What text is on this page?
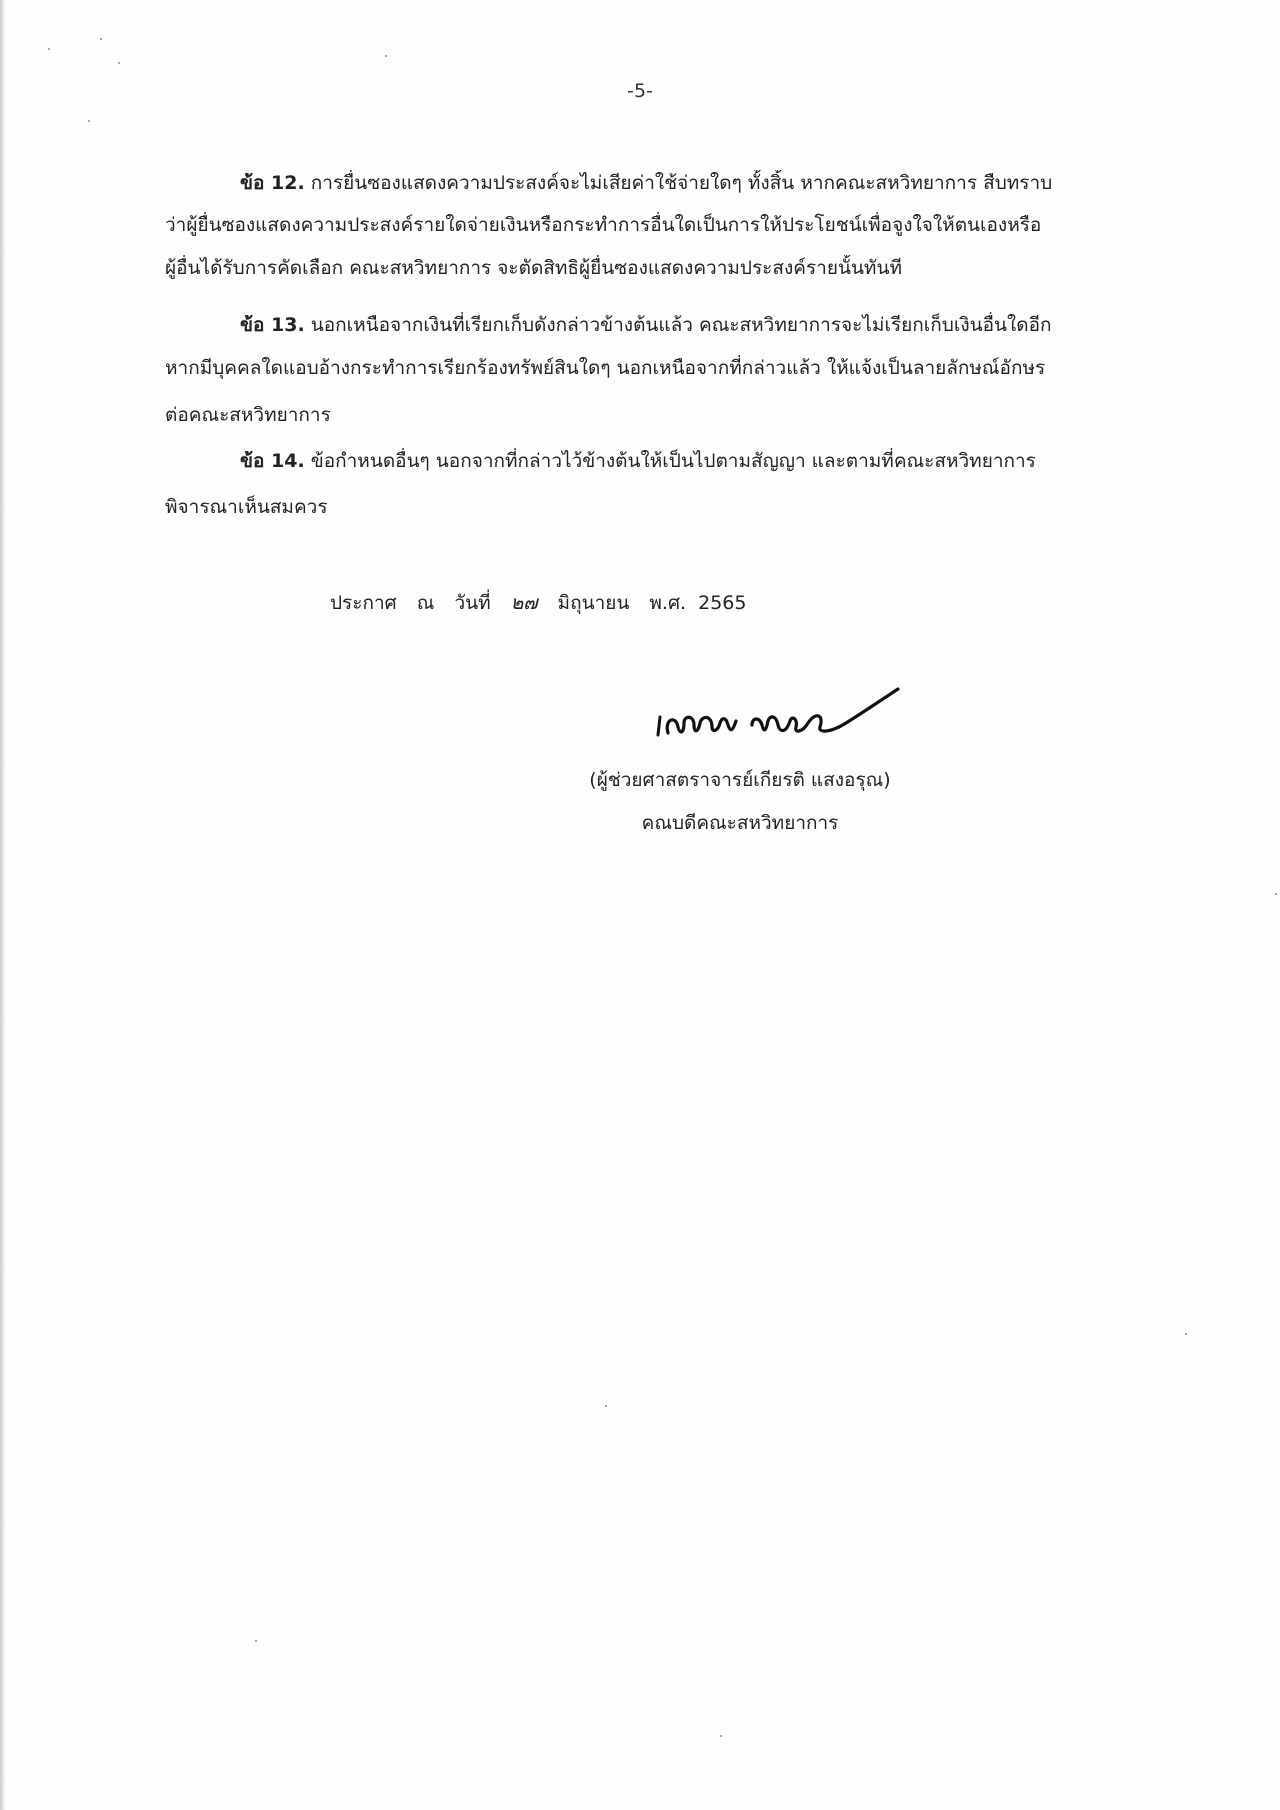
-5-
ข้อ 12. การยื่นซองแสดงความประสงค์จะไม่เสียค่าใช้จ่ายใดๆ ทั้งสิ้น หากคณะสหวิทยาการ สืบทราบ
ว่าผู้ยื่นซองแสดงความประสงค์รายใดจ่ายเงินหรือกระทำการอื่นใดเป็นการให้ประโยชน์เพื่อจูงใจให้ตนเองหรือ
ผู้อื่นได้รับการคัดเลือก คณะสหวิทยาการ จะตัดสิทธิผู้ยื่นซองแสดงความประสงค์รายนั้นทันที
ข้อ 13. นอกเหนือจากเงินที่เรียกเก็บดังกล่าวข้างต้นแล้ว คณะสหวิทยาการจะไม่เรียกเก็บเงินอื่นใดอีก
หากมีบุคคลใดแอบอ้างกระทำการเรียกร้องทรัพย์สินใดๆ นอกเหนือจากที่กล่าวแล้ว ให้แจ้งเป็นลายลักษณ์อักษร
ต่อคณะสหวิทยาการ
ข้อ 14. ข้อกำหนดอื่นๆ นอกจากที่กล่าวไว้ข้างต้นให้เป็นไปตามสัญญา และตามที่คณะสหวิทยาการ
พิจารณาเห็นสมควร
ประกาศ ณ วันที่ ๒๗ มิถุนายน พ.ศ. 2565
(ผู้ช่วยศาสตราจารย์เกียรติ แสงอรุณ)
คณบดีคณะสหวิทยาการ
